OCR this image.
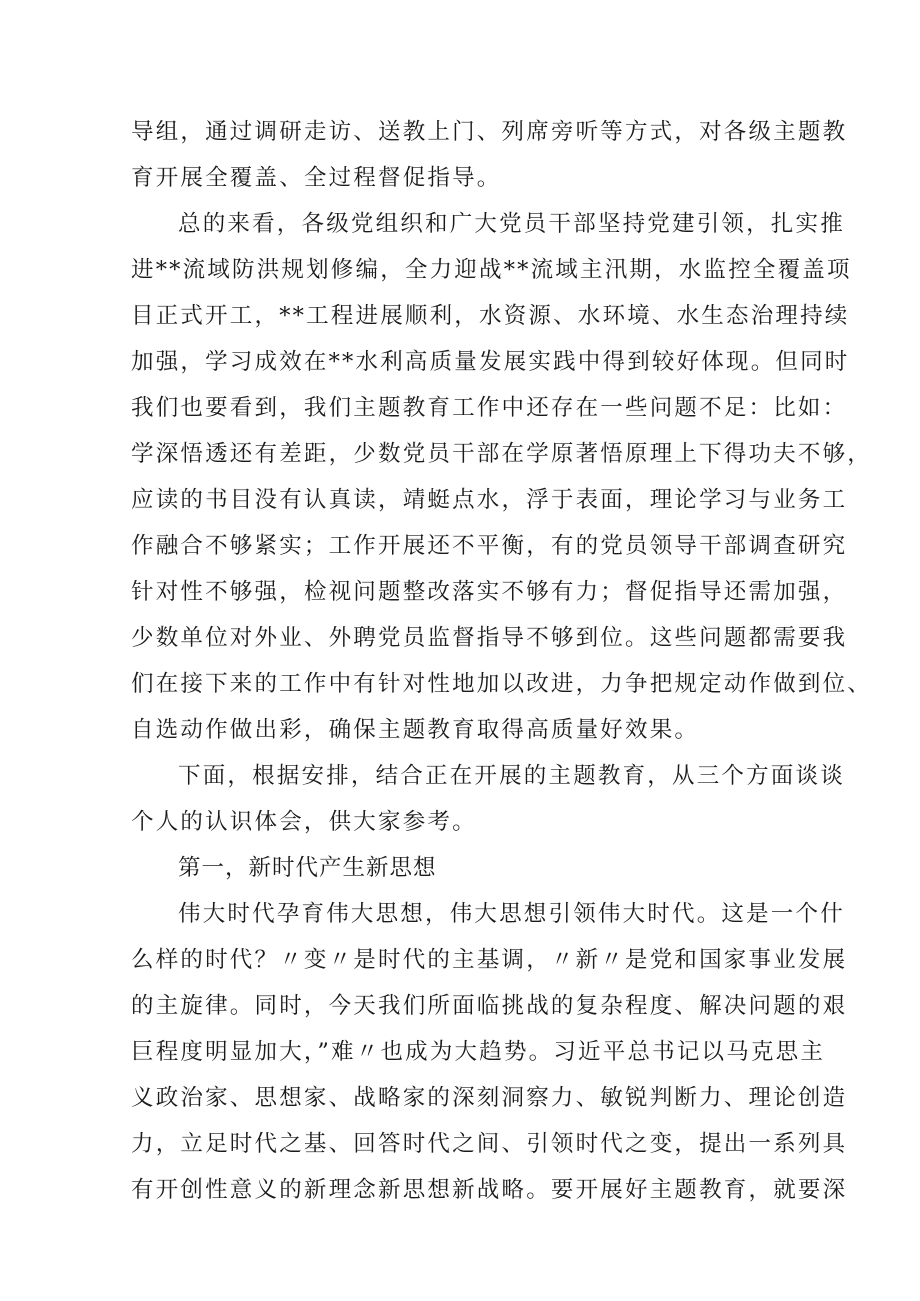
导组，通过调研走访、送教上门、列席旁听等方式，对各级主题教
育开展全覆盖、全过程督促指导。
总的来看，各级党组织和广大党员干部坚持党建引领，扎实推
进**流域防洪规划修编，全力迎战**流域主汛期，水监控全覆盖项
目正式开工，**工程进展顺利，水资源、水环境、水生态治理持续
加强，学习成效在**水利高质量发展实践中得到较好体现。但同时
我们也要看到，我们主题教育工作中还存在一些问题不足：比如：
学深悟透还有差距，少数党员干部在学原著悟原理上下得功夫不够，
应读的书目没有认真读，靖蜓点水，浮于表面，理论学习与业务工
作融合不够紧实；工作开展还不平衡，有的党员领导干部调查研究
针对性不够强，检视问题整改落实不够有力；督促指导还需加强，
少数单位对外业、外聘党员监督指导不够到位。这些问题都需要我
们在接下来的工作中有针对性地加以改进，力争把规定动作做到位、
自选动作做出彩，确保主题教育取得高质量好效果。
下面，根据安排，结合正在开展的主题教育，从三个方面谈谈
个人的认识体会，供大家参考。
第一，新时代产生新思想
伟大时代孕育伟大思想，伟大思想引领伟大时代。这是一个什
么样的时代？〃变〃是时代的主基调，〃新〃是党和国家事业发展
的主旋律。同时，今天我们所面临挑战的复杂程度、解决问题的艰
巨程度明显加大，”难〃也成为大趋势。习近平总书记以马克思主
义政治家、思想家、战略家的深刻洞察力、敏锐判断力、理论创造
力，立足时代之基、回答时代之间、引领时代之变，提出一系列具
有开创性意义的新理念新思想新战略。要开展好主题教育，就要深
